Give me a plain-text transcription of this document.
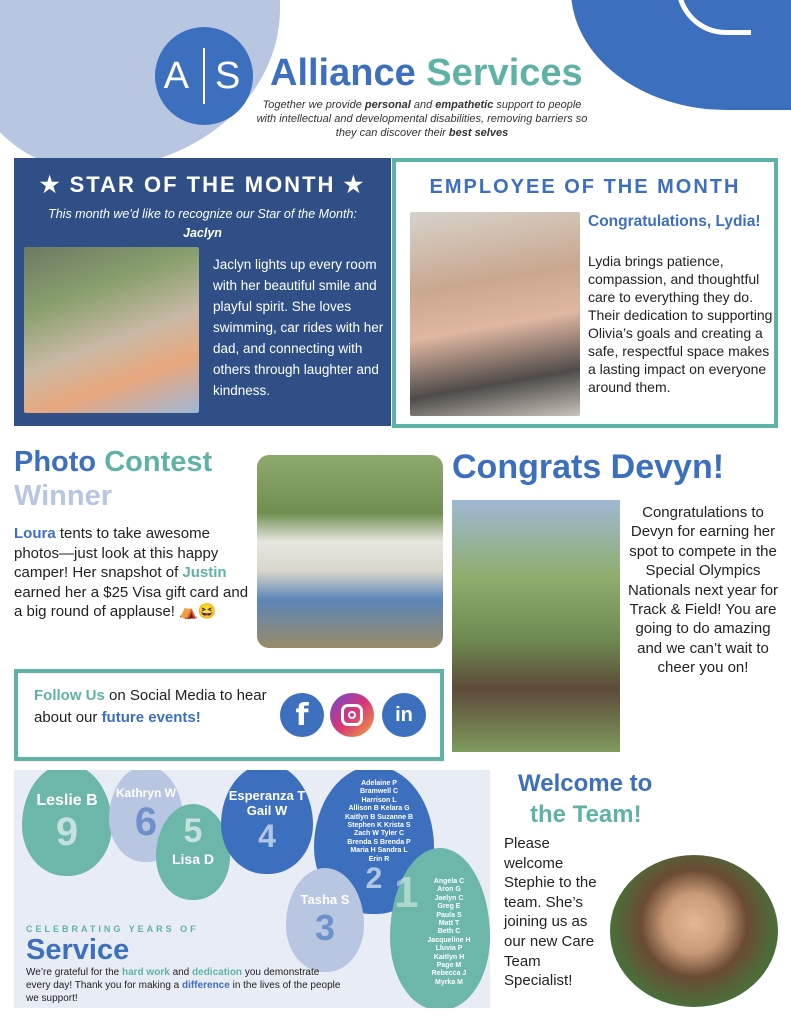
A S Alliance Services
Together we provide personal and empathetic support to people with intellectual and developmental disabilities, removing barriers so they can discover their best selves
★ STAR OF THE MONTH ★
This month we'd like to recognize our Star of the Month:
Jaclyn
Jaclyn lights up every room with her beautiful smile and playful spirit. She loves swimming, car rides with her dad, and connecting with others through laughter and kindness.
EMPLOYEE OF THE MONTH
Congratulations, Lydia!
Lydia brings patience, compassion, and thoughtful care to everything they do. Their dedication to supporting Olivia’s goals and creating a safe, respectful space makes a lasting impact on everyone around them.
Photo Contest
Winner
Loura tents to take awesome photos—just look at this happy camper! Her snapshot of Justin earned her a $25 Visa gift card and a big round of applause! ⛺😆
Follow Us on Social Media to hear about our future events!	f	in
Congrats Devyn!
Congratulations to Devyn for earning her spot to compete in the Special Olympics Nationals next year for Track & Field! You are going to do amazing and we can’t wait to cheer you on!
Leslie B
9
Kathryn W
6 5
Lisa D
Esperanza T
Gail W
4
Adelaine P
Bramwell C
Harrison L
Allison B Kelara G
Kaitlyn B Suzanne B
Stephen K Krista S
Zach W Tyler C
Brenda S Brenda P
Maria H Sandra L
Erin R
2
Tasha S
3
1	Angela C
Aron G
Jaelyn C
Greg E
Paula S
Matt T
Beth C
Jacqueline H
Lluvia P
Kaitlyn H
Page M
Rebecca J
Myrka M
CELEBRATING YEARS OF
Service
We’re grateful for the hard work and dedication you demonstrate every day! Thank you for making a difference in the lives of the people we support!
Welcome to
the Team!
Please welcome Stephie to the team. She’s joining us as our new Care Team Specialist!
